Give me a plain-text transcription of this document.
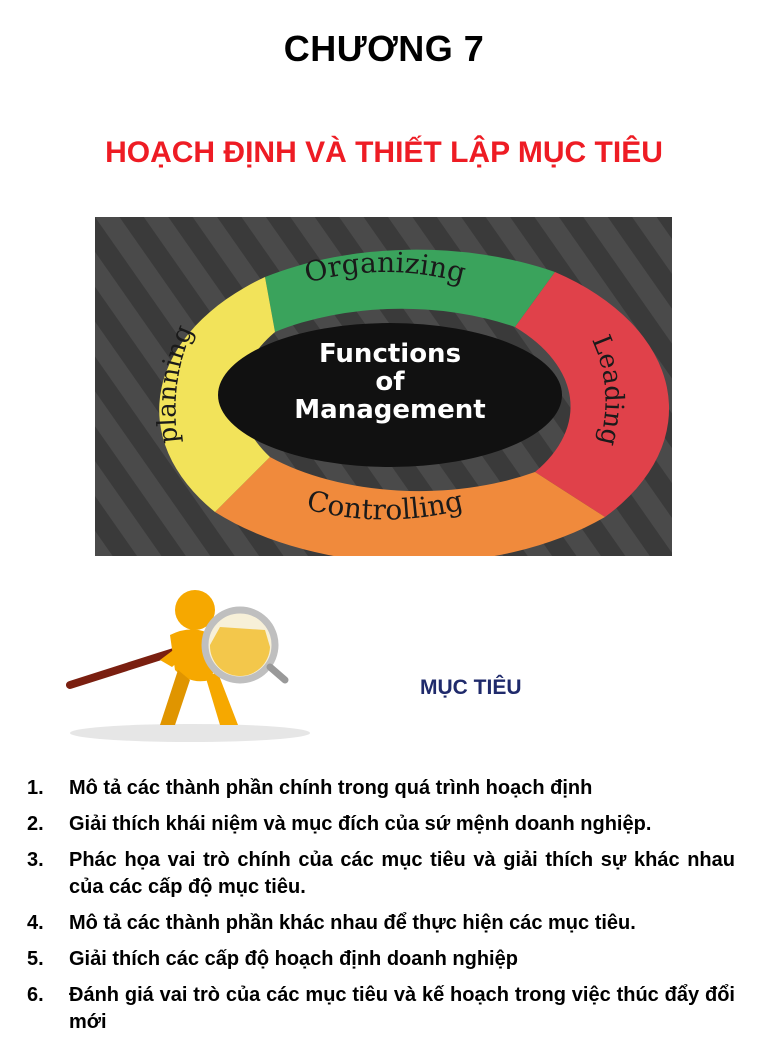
CHƯƠNG 7
HOẠCH ĐỊNH VÀ THIẾT LẬP MỤC TIÊU
Functions
of
Management
Organizing
Controlling
planning	Leading
MỤC TIÊU
1.	Mô tả các thành phần chính trong quá trình hoạch định
2.	Giải thích khái niệm và mục đích của sứ mệnh doanh nghiệp.
3.	Phác họa vai trò chính của các mục tiêu và giải thích sự khác nhau của các cấp độ mục tiêu.
4.	Mô tả các thành phần khác nhau để thực hiện các mục tiêu.
5.	Giải thích các cấp độ hoạch định doanh nghiệp
6.	Đánh giá vai trò của các mục tiêu và kế hoạch trong việc thúc đẩy đổi mới
